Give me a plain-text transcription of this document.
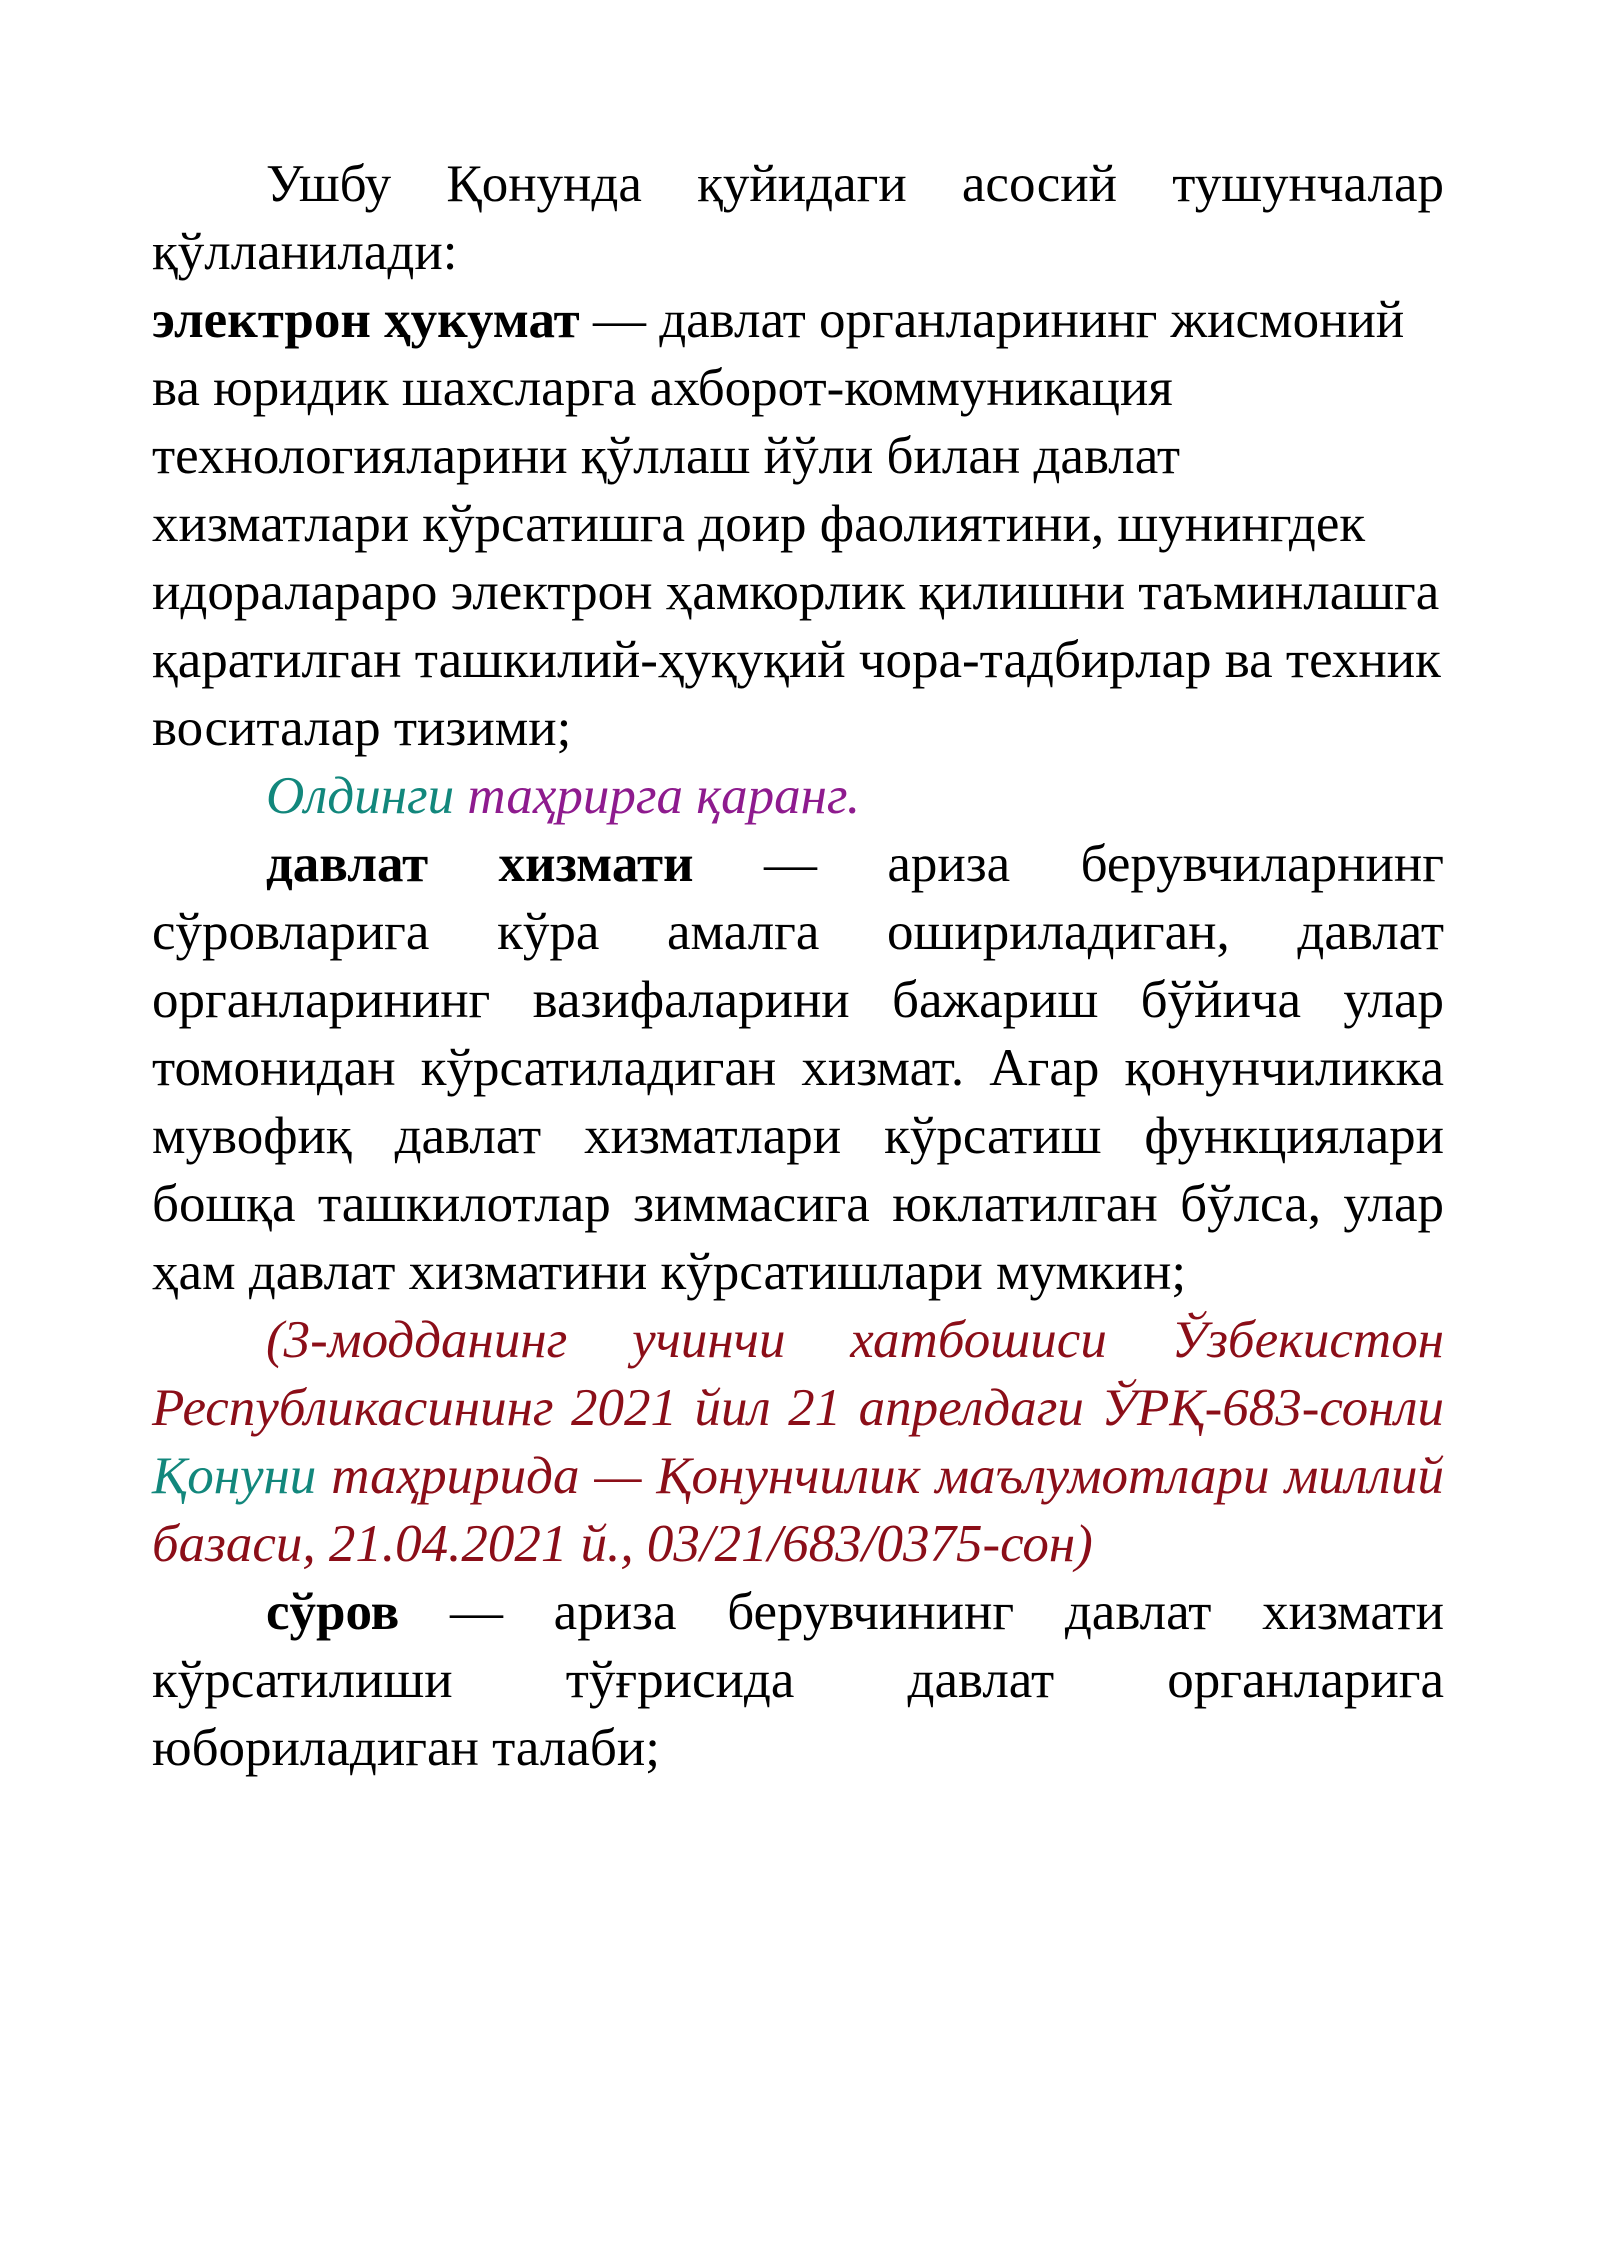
Ушбу Қонунда қуйидаги асосий тушунчалар қўлланилади:

электрон ҳукумат — давлат органларининг жисмоний ва юридик шахсларга ахборот-коммуникация технологияларини қўллаш йўли билан давлат хизматлари кўрсатишга доир фаолиятини, шунингдек идоралараро электрон ҳамкорлик қилишни таъминлашга қаратилган ташкилий-ҳуқуқий чора-тадбирлар ва техник воситалар тизими;

Олдинги таҳрирга қаранг.

давлат хизмати — ариза берувчиларнинг сўровларига кўра амалга ошириладиган, давлат органларининг вазифаларини бажариш бўйича улар томонидан кўрсатиладиган хизмат. Агар қонунчиликка мувофиқ давлат хизматлари кўрсатиш функциялари бошқа ташкилотлар зиммасига юклатилган бўлса, улар ҳам давлат хизматини кўрсатишлари мумкин;

(3-модданинг учинчи хатбошиси Ўзбекистон Республикасининг 2021 йил 21 апрелдаги ЎРҚ-683-сонли Қонуни таҳририда — Қонунчилик маълумотлари миллий базаси, 21.04.2021 й., 03/21/683/0375-сон)

сўров — ариза берувчининг давлат хизмати кўрсатилиши тўғрисида давлат органларига юбориладиган талаби;
